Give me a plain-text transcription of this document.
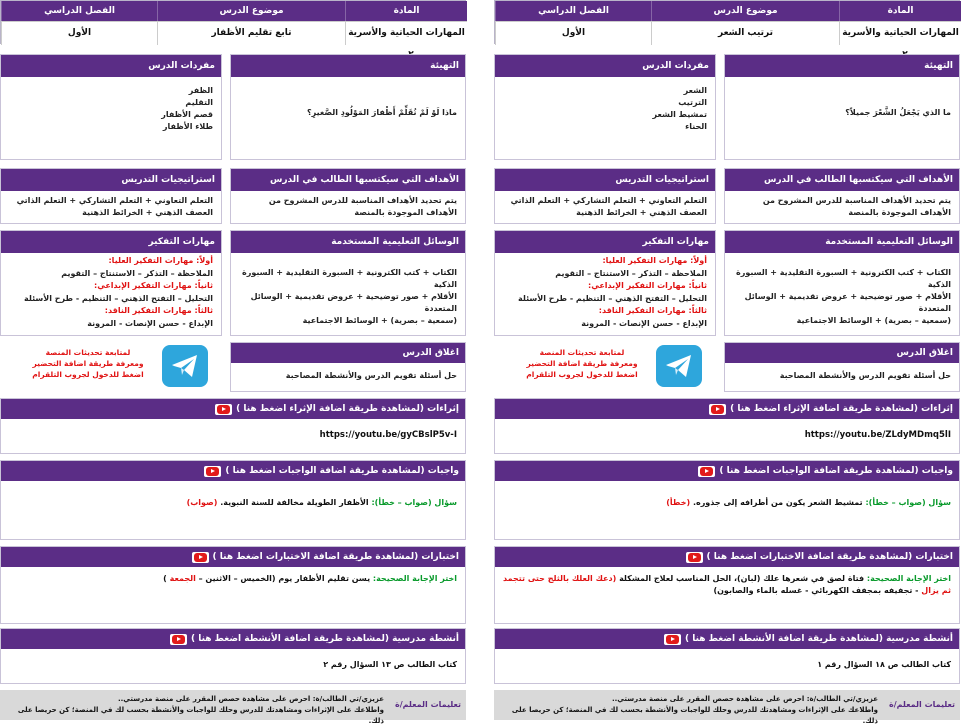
الفصل الدراسي	موضوع الدرس	المادة
الأول	ترتيب الشعر	المهارات الحياتية والأسرية
التهيئة
ما الذي يَجْعَلُ الشَّعْرَ جميلاً؟
مفردات الدرس
الشعر
الترتيب
تمشيط الشعر
الحناء
الأهداف التي سيكتسبها الطالب في الدرس
يتم تحديد الأهداف المناسبة للدرس المشروح من الأهداف الموجودة بالمنصة
استراتيجيات التدريس
التعلم التعاوني + التعلم التشاركي + التعلم الذاتي
العصف الذهني + الخرائط الذهنية
الوسائل التعليمية المستخدمة
الكتاب + كتب الكترونية + السبورة التقليدية + السبورة الذكية
الأقلام + صور توضيحية + عروض تقديمية + الوسائل المتعددة
(سمعية – بصرية) + الوسائط الاجتماعية
مهارات التفكير
أولاً: مهارات التفكير العليا:
الملاحظة – التذكر – الاستنتاج – التقويم
ثانياً: مهارات التفكير الإبداعي:
التحليل – التفتح الذهني – التنظيم - طرح الأسئلة
ثالثاً: مهارات التفكير الناقد:
الإبداع - حسن الإنصات - المرونة
اغلاق الدرس
حل أسئلة تقويم الدرس والأنشطة المصاحبة
لمتابعة تحديثات المنصة
ومعرفة طريقة اضافة التحضير
اضغط للدخول لجروب التلقرام
إثراءات (لمشاهدة طريقة اضافة الإثراء اضغط هنا )
https://youtu.be/ZLdyMDmq5lI
واجبات (لمشاهدة طريقة اضافة الواجبات اضغط هنا )
سؤال (صواب – خطأ): تمشيط الشعر يكون من أطرافه إلى جذوره. (خطأ)
اختبارات (لمشاهدة طريقة اضافة الاختبارات اضغط هنا )
اختر الإجابة الصحيحة: فتاة لصق في شعرها علك (لبان)، الحل المناسب لعلاج المشكلة (دعك العلك بالثلج حتى تتجمد ثم يزال - تجفيفه بمجفف الكهربائي - غسله بالماء والصابون)
أنشطة مدرسية (لمشاهدة طريقة اضافة الأنشطة اضغط هنا )
كتاب الطالب ص ١٨ السؤال رقم ١
تعليمات المعلم/ة
عزيزي/تي الطالب/ة: احرص على مشاهدة حصص المقرر على منصة مدرستي..
واطلاعك على الإثراءات ومشاهدتك للدرس وحلك للواجبات والأنشطة بحسب لك في المنصة؛ كن حريصا على ذلك.
الفصل الدراسي	موضوع الدرس	المادة
الأول	تابع تقليم الأظفار	المهارات الحياتية والأسرية
التهيئة
ماذا لَوْ لَمْ نُقَلِّمْ أَظْفارَ المَوْلُودِ الصَّغيرِ؟
مفردات الدرس
الظفر
التقليم
قصم الأظفار
طلاء الأظفار
الأهداف التي سيكتسبها الطالب في الدرس
يتم تحديد الأهداف المناسبة للدرس المشروح من الأهداف الموجودة بالمنصة
استراتيجيات التدريس
التعلم التعاوني + التعلم التشاركي + التعلم الذاتي
العصف الذهني + الخرائط الذهنية
الوسائل التعليمية المستخدمة
الكتاب + كتب الكترونية + السبورة التقليدية + السبورة الذكية
الأقلام + صور توضيحية + عروض تقديمية + الوسائل المتعددة
(سمعية – بصرية) + الوسائط الاجتماعية
مهارات التفكير
أولاً: مهارات التفكير العليا:
الملاحظة – التذكر – الاستنتاج – التقويم
ثانياً: مهارات التفكير الإبداعي:
التحليل – التفتح الذهني – التنظيم - طرح الأسئلة
ثالثاً: مهارات التفكير الناقد:
الإبداع - حسن الإنصات - المرونة
اغلاق الدرس
حل أسئلة تقويم الدرس والأنشطة المصاحبة
لمتابعة تحديثات المنصة
ومعرفة طريقة اضافة التحضير
اضغط للدخول لجروب التلقرام
إثراءات (لمشاهدة طريقة اضافة الإثراء اضغط هنا )
https://youtu.be/gyCBslP5v-I
واجبات (لمشاهدة طريقة اضافة الواجبات اضغط هنا )
سؤال (صواب – خطأ): الأظفار الطويلة مخالفة للسنة النبوية. (صواب)
اختبارات (لمشاهدة طريقة اضافة الاختبارات اضغط هنا )
اختر الإجابة الصحيحة: يسن تقليم الأظفار يوم (الخميس – الاثنين – الجمعة )
أنشطة مدرسية (لمشاهدة طريقة اضافة الأنشطة اضغط هنا )
كتاب الطالب ص ١٣ السؤال رقم ٢
تعليمات المعلم/ة
عزيزي/تي الطالب/ة: احرص على مشاهدة حصص المقرر على منصة مدرستي..
واطلاعك على الإثراءات ومشاهدتك للدرس وحلك للواجبات والأنشطة بحسب لك في المنصة؛ كن حريصا على ذلك.
